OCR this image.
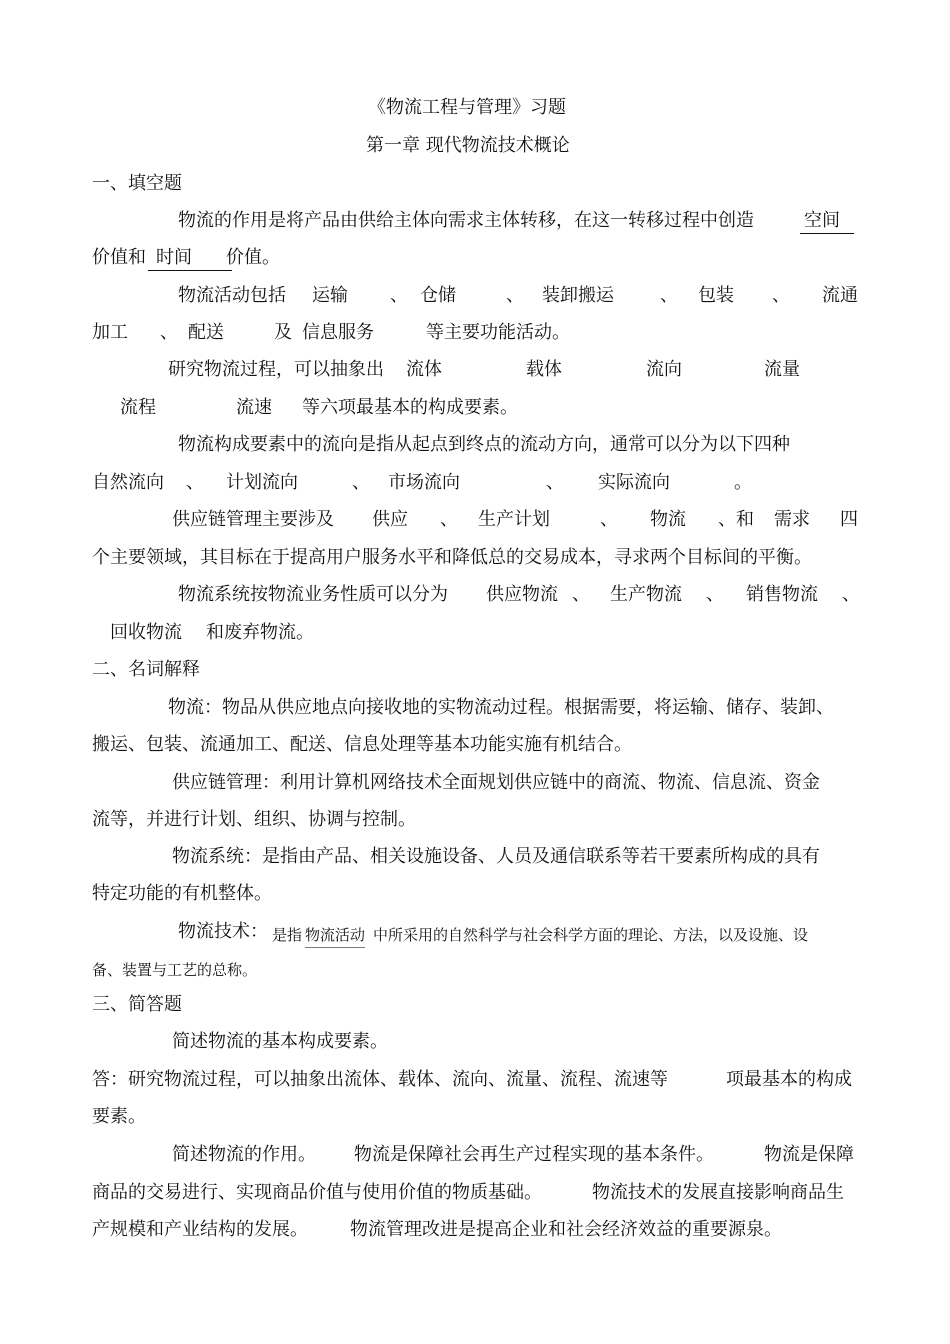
《物流工程与管理》习题
第一章 现代物流技术概论
一、填空题
物流的作用是将产品由供给主体向需求主体转移，在这一转移过程中创造	空间
价值和 时间	价值。
物流活动包括 运输 、 仓储	、 装卸搬运	、 包装 、 流通
加工 、 配送	及 信息服务	等主要功能活动。
研究物流过程，可以抽象出 流体	载体	流向	流量
流程	流速 等六项最基本的构成要素。
物流构成要素中的流向是指从起点到终点的流动方向，通常可以分为以下四种
自然流向 、 计划流向	、 市场流向	、 实际流向	。
供应链管理主要涉及 供应 、 生产计划	、 物流 、和 需求 四
个主要领域，其目标在于提高用户服务水平和降低总的交易成本，寻求两个目标间的平衡。
物流系统按物流业务性质可以分为 供应物流 、 生产物流 、 销售物流 、
回收物流 和废弃物流。
二、名词解释
物流：物品从供应地点向接收地的实物流动过程。根据需要，将运输、储存、装卸、
搬运、包装、流通加工、配送、信息处理等基本功能实施有机结合。
供应链管理：利用计算机网络技术全面规划供应链中的商流、物流、信息流、资金
流等，并进行计划、组织、协调与控制。
物流系统：是指由产品、相关设施设备、人员及通信联系等若干要素所构成的具有
特定功能的有机整体。
物流技术： 是指 物流活动 中所采用的自然科学与社会科学方面的理论、方法，以及设施、设
备、装置与工艺的总称。
三、简答题
简述物流的基本构成要素。
答：研究物流过程，可以抽象出流体、载体、流向、流量、流程、流速等	项最基本的构成
要素。
简述物流的作用。 物流是保障社会再生产过程实现的基本条件。	物流是保障
商品的交易进行、实现商品价值与使用价值的物质基础。	物流技术的发展直接影响商品生
产规模和产业结构的发展。 物流管理改进是提高企业和社会经济效益的重要源泉。
